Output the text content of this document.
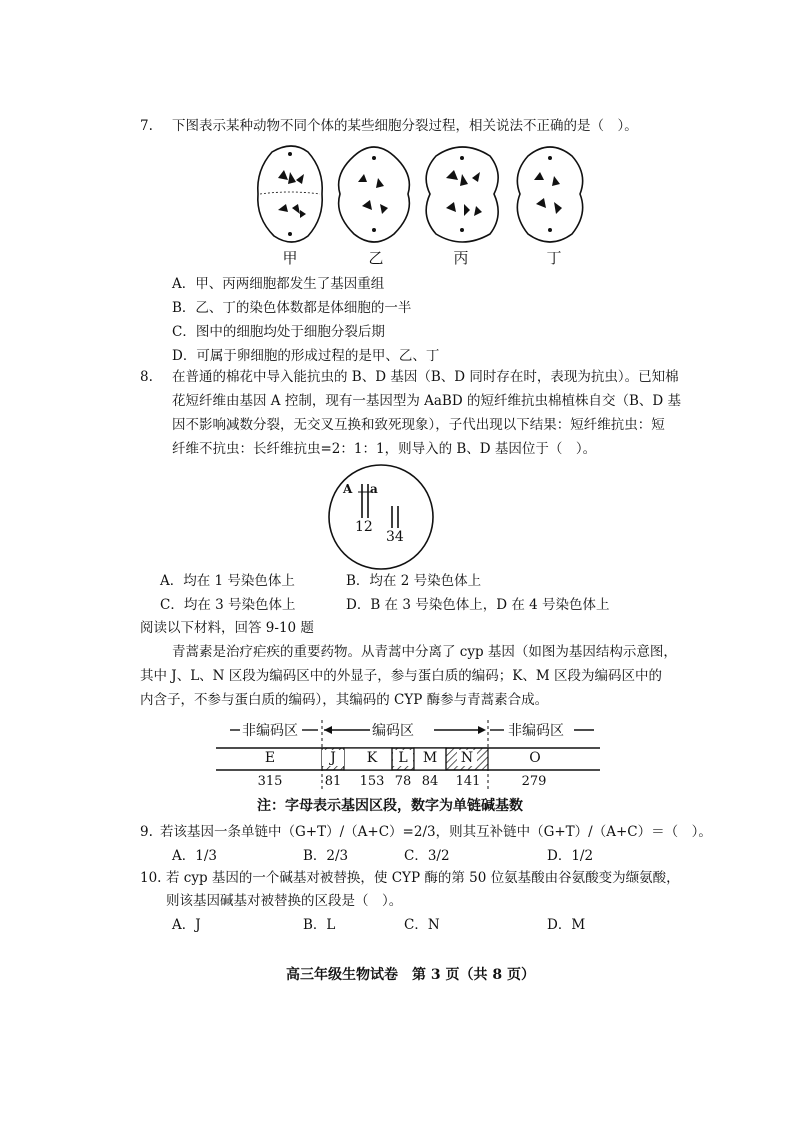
7. 下图表示某种动物不同个体的某些细胞分裂过程，相关说法不正确的是（　）。
甲	乙	丙	丁
A．甲、丙两细胞都发生了基因重组
B．乙、丁的染色体数都是体细胞的一半
C．图中的细胞均处于细胞分裂后期
D．可属于卵细胞的形成过程的是甲、乙、丁
8. 在普通的棉花中导入能抗虫的 B、D 基因（B、D 同时存在时，表现为抗虫）。已知棉
花短纤维由基因 A 控制，现有一基因型为 AaBD 的短纤维抗虫棉植株自交（B、D 基
因不影响减数分裂，无交叉互换和致死现象），子代出现以下结果：短纤维抗虫：短
纤维不抗虫：长纤维抗虫=2：1：1，则导入的 B、D 基因位于（　）。
A a
12
34
A．均在 1 号染色体上	B．均在 2 号染色体上
C．均在 3 号染色体上	D．B 在 3 号染色体上，D 在 4 号染色体上
阅读以下材料，回答 9-10 题
青蒿素是治疗疟疾的重要药物。从青蒿中分离了 cyp 基因（如图为基因结构示意图，
其中 J、L、N 区段为编码区中的外显子，参与蛋白质的编码；K、M 区段为编码区中的
内含子，不参与蛋白质的编码），其编码的 CYP 酶参与青蒿素合成。
非编码区	编码区	非编码区
E	J	K	L	M	N	O
315	81	153 78 84	141	279
注：字母表示基因区段，数字为单链碱基数
9. 若该基因一条单链中（G+T）/（A+C）=2/3，则其互补链中（G+T）/（A+C）＝（　）。
A．1/3	B．2/3	C．3/2	D．1/2
10. 若 cyp 基因的一个碱基对被替换，使 CYP 酶的第 50 位氨基酸由谷氨酸变为缬氨酸，
则该基因碱基对被替换的区段是（　）。
A．J	B．L	C．N	D．M
高三年级生物试卷　第 3 页（共 8 页）
